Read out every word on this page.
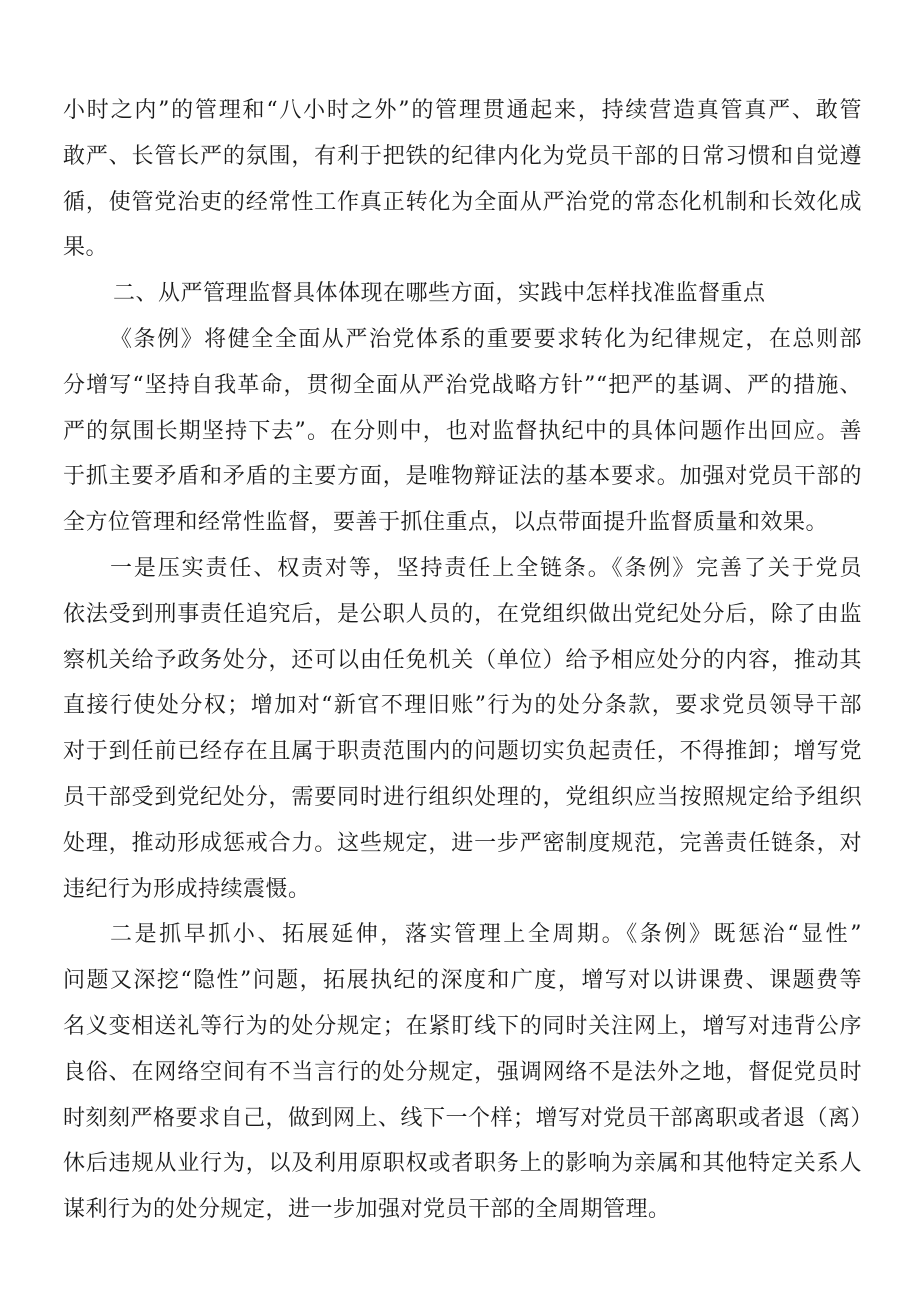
小时之内”的管理和“八小时之外”的管理贯通起来，持续营造真管真严、敢管
敢严、长管长严的氛围，有利于把铁的纪律内化为党员干部的日常习惯和自觉遵
循，使管党治吏的经常性工作真正转化为全面从严治党的常态化机制和长效化成
果。
二、从严管理监督具体体现在哪些方面，实践中怎样找准监督重点
《条例》将健全全面从严治党体系的重要要求转化为纪律规定，在总则部
分增写“坚持自我革命，贯彻全面从严治党战略方针”“把严的基调、严的措施、
严的氛围长期坚持下去”。在分则中，也对监督执纪中的具体问题作出回应。善
于抓主要矛盾和矛盾的主要方面，是唯物辩证法的基本要求。加强对党员干部的
全方位管理和经常性监督，要善于抓住重点，以点带面提升监督质量和效果。
一是压实责任、权责对等，坚持责任上全链条。《条例》完善了关于党员
依法受到刑事责任追究后，是公职人员的，在党组织做出党纪处分后，除了由监
察机关给予政务处分，还可以由任免机关（单位）给予相应处分的内容，推动其
直接行使处分权；增加对“新官不理旧账”行为的处分条款，要求党员领导干部
对于到任前已经存在且属于职责范围内的问题切实负起责任，不得推卸；增写党
员干部受到党纪处分，需要同时进行组织处理的，党组织应当按照规定给予组织
处理，推动形成惩戒合力。这些规定，进一步严密制度规范，完善责任链条，对
违纪行为形成持续震慑。
二是抓早抓小、拓展延伸，落实管理上全周期。《条例》既惩治“显性”
问题又深挖“隐性”问题，拓展执纪的深度和广度，增写对以讲课费、课题费等
名义变相送礼等行为的处分规定；在紧盯线下的同时关注网上，增写对违背公序
良俗、在网络空间有不当言行的处分规定，强调网络不是法外之地，督促党员时
时刻刻严格要求自己，做到网上、线下一个样；增写对党员干部离职或者退（离）
休后违规从业行为，以及利用原职权或者职务上的影响为亲属和其他特定关系人
谋利行为的处分规定，进一步加强对党员干部的全周期管理。
